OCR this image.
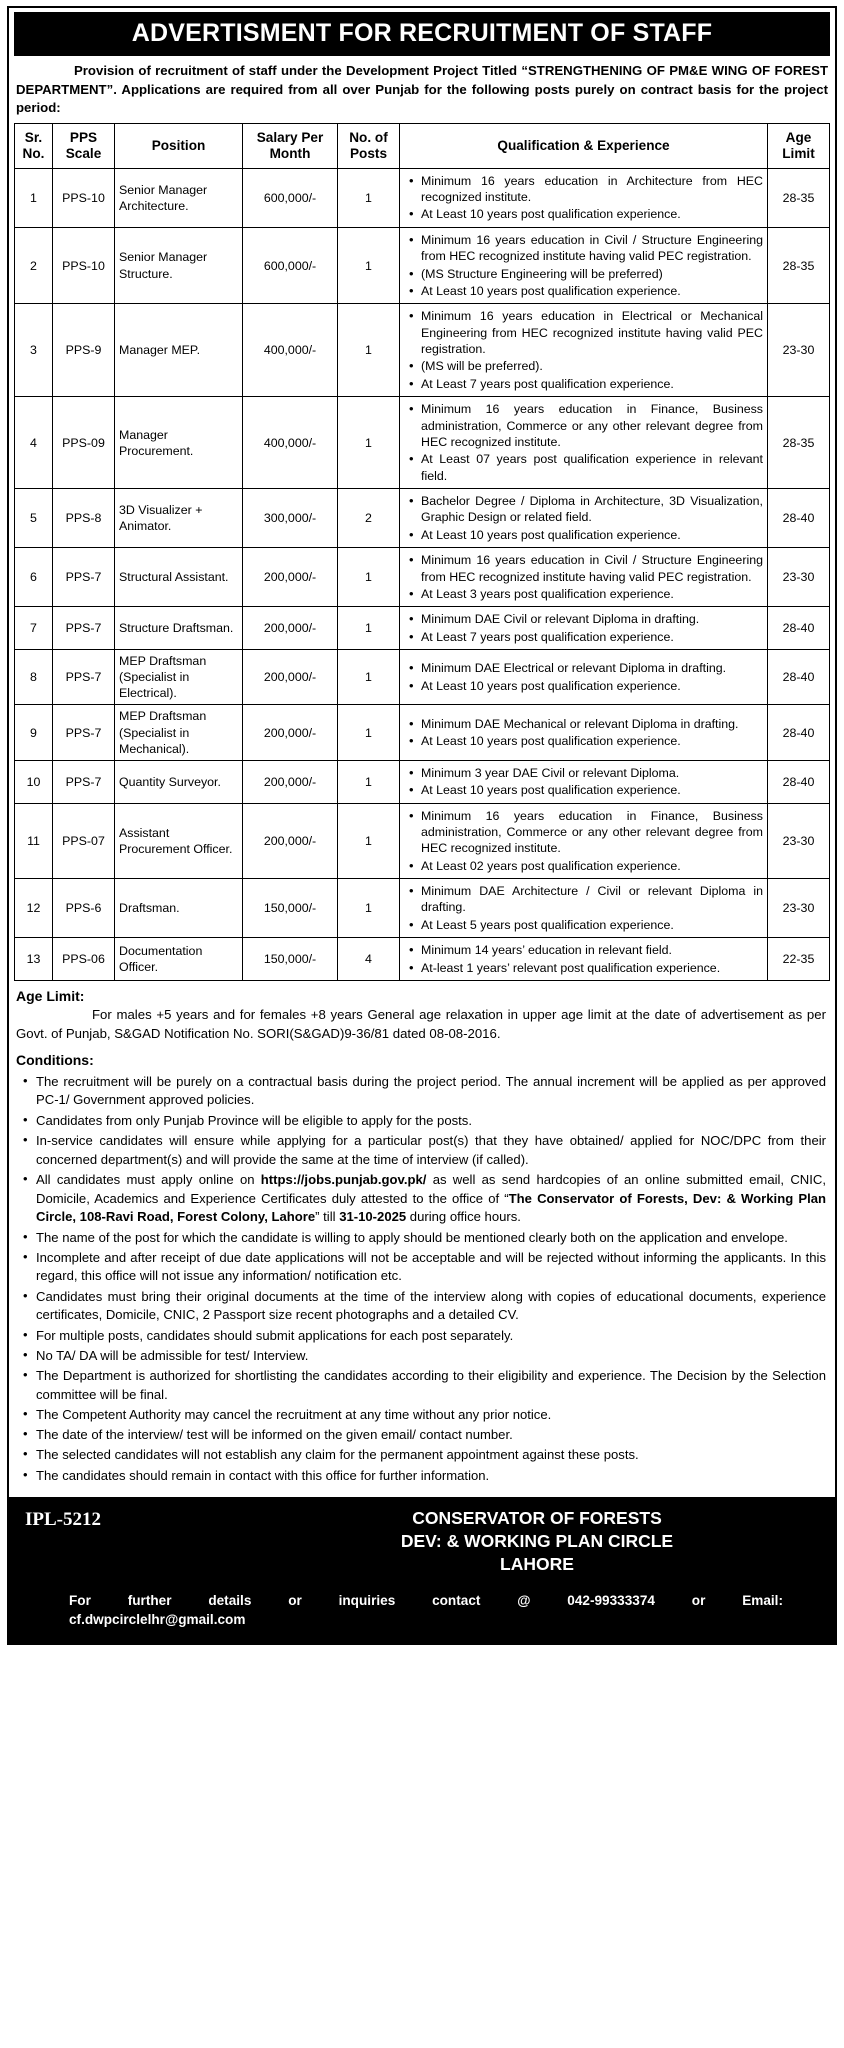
ADVERTISMENT FOR RECRUITMENT OF STAFF
Provision of recruitment of staff under the Development Project Titled “STRENGTHENING OF PM&E WING OF FOREST DEPARTMENT”. Applications are required from all over Punjab for the following posts purely on contract basis for the project period:
Sr. No.	PPS Scale	Position	Salary Per Month	No. of Posts	Qualification & Experience	Age Limit
1	PPS-10	Senior Manager Architecture.	600,000/-	1	
• Minimum 16 years education in Architecture from HEC recognized institute.
• At Least 10 years post qualification experience.
	28-35
2	PPS-10	Senior Manager Structure.	600,000/-	1	
• Minimum 16 years education in Civil / Structure Engineering from HEC recognized institute having valid PEC registration.
• (MS Structure Engineering will be preferred)
• At Least 10 years post qualification experience.
	28-35
3	PPS-9	Manager MEP.	400,000/-	1	
• Minimum 16 years education in Electrical or Mechanical Engineering from HEC recognized institute having valid PEC registration.
• (MS will be preferred).
• At Least 7 years post qualification experience.
	23-30
4	PPS-09	Manager Procurement.	400,000/-	1	
• Minimum 16 years education in Finance, Business administration, Commerce or any other relevant degree from HEC recognized institute.
• At Least 07 years post qualification experience in relevant field.
	28-35
5	PPS-8	3D Visualizer + Animator.	300,000/-	2	
• Bachelor Degree / Diploma in Architecture, 3D Visualization, Graphic Design or related field.
• At Least 10 years post qualification experience.
	28-40
6	PPS-7	Structural Assistant.	200,000/-	1	
• Minimum 16 years education in Civil / Structure Engineering from HEC recognized institute having valid PEC registration.
• At Least 3 years post qualification experience.
	23-30
7	PPS-7	Structure Draftsman.	200,000/-	1	
• Minimum DAE Civil or relevant Diploma in drafting.
• At Least 7 years post qualification experience.
	28-40
8	PPS-7	MEP Draftsman (Specialist in Electrical).	200,000/-	1	
• Minimum DAE Electrical or relevant Diploma in drafting.
• At Least 10 years post qualification experience.
	28-40
9	PPS-7	MEP Draftsman (Specialist in Mechanical).	200,000/-	1	
• Minimum DAE Mechanical or relevant Diploma in drafting.
• At Least 10 years post qualification experience.
	28-40
10	PPS-7	Quantity Surveyor.	200,000/-	1	
• Minimum 3 year DAE Civil or relevant Diploma.
• At Least 10 years post qualification experience.
	28-40
11	PPS-07	Assistant Procurement Officer.	200,000/-	1	
• Minimum 16 years education in Finance, Business administration, Commerce or any other relevant degree from HEC recognized institute.
• At Least 02 years post qualification experience.
	23-30
12	PPS-6	Draftsman.	150,000/-	1	
• Minimum DAE Architecture / Civil or relevant Diploma in drafting.
• At Least 5 years post qualification experience.
	23-30
13	PPS-06	Documentation Officer.	150,000/-	4	
• Minimum 14 years’ education in relevant field.
• At-least 1 years’ relevant post qualification experience.
	22-35
Age Limit:
For males +5 years and for females +8 years General age relaxation in upper age limit at the date of advertisement as per Govt. of Punjab, S&GAD Notification No. SORI(S&GAD)9-36/81 dated 08-08-2016.
Conditions:
• The recruitment will be purely on a contractual basis during the project period. The annual increment will be applied as per approved PC-1/ Government approved policies.
• Candidates from only Punjab Province will be eligible to apply for the posts.
• In-service candidates will ensure while applying for a particular post(s) that they have obtained/ applied for NOC/DPC from their concerned department(s) and will provide the same at the time of interview (if called).
• All candidates must apply online on https://jobs.punjab.gov.pk/ as well as send hardcopies of an online submitted email, CNIC, Domicile, Academics and Experience Certificates duly attested to the office of “The Conservator of Forests, Dev: & Working Plan Circle, 108-Ravi Road, Forest Colony, Lahore” till 31-10-2025 during office hours.
• The name of the post for which the candidate is willing to apply should be mentioned clearly both on the application and envelope.
• Incomplete and after receipt of due date applications will not be acceptable and will be rejected without informing the applicants. In this regard, this office will not issue any information/ notification etc.
• Candidates must bring their original documents at the time of the interview along with copies of educational documents, experience certificates, Domicile, CNIC, 2 Passport size recent photographs and a detailed CV.
• For multiple posts, candidates should submit applications for each post separately.
• No TA/ DA will be admissible for test/ Interview.
• The Department is authorized for shortlisting the candidates according to their eligibility and experience. The Decision by the Selection committee will be final.
• The Competent Authority may cancel the recruitment at any time without any prior notice.
• The date of the interview/ test will be informed on the given email/ contact number.
• The selected candidates will not establish any claim for the permanent appointment against these posts.
• The candidates should remain in contact with this office for further information.
IPL-5212	CONSERVATOR OF FORESTS
DEV: & WORKING PLAN CIRCLE
LAHORE
For further details or inquiries contact @ 042-99333374 or Email:
cf.dwpcirclelhr@gmail.com
